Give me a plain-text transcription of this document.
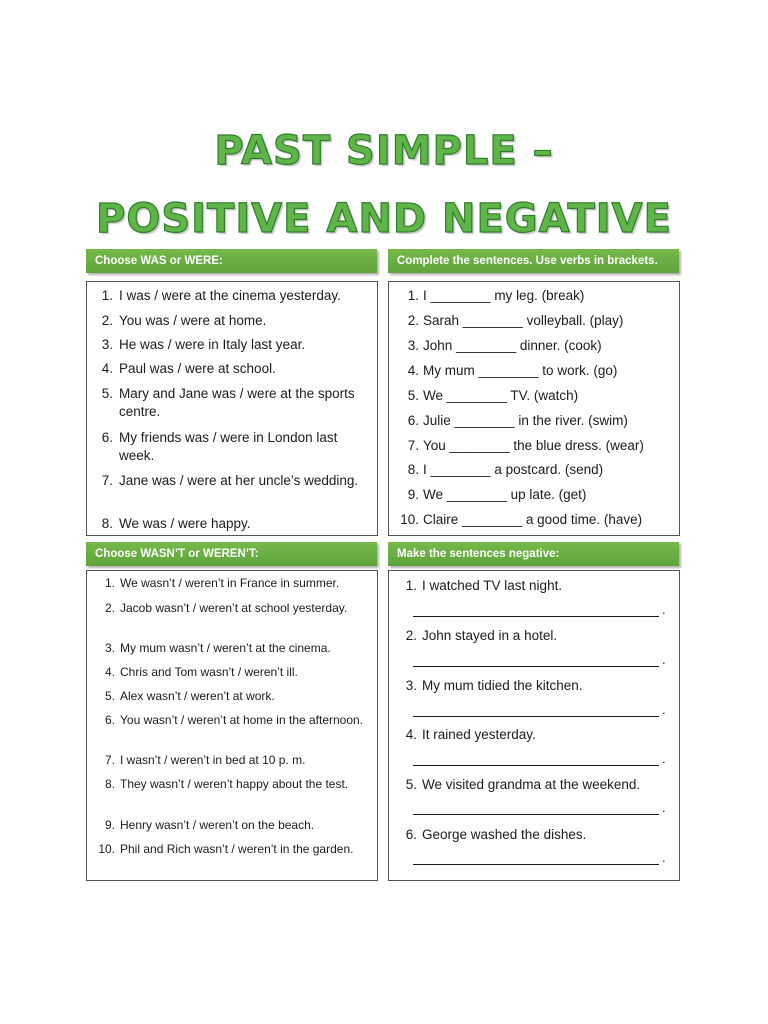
PAST SIMPLE –
POSITIVE AND NEGATIVE
Choose WAS or WERE:
1. I was / were at the cinema yesterday.
2. You was / were at home.
3. He was / were in Italy last year.
4. Paul was / were at school.
5. Mary and Jane was / were at the sports centre.
6. My friends was / were in London last week.
7. Jane was / were at her uncle’s wedding.
8. We was / were happy.
Complete the sentences. Use verbs in brackets.
1. I ________ my leg. (break)
2. Sarah ________ volleyball. (play)
3. John ________ dinner. (cook)
4. My mum ________ to work. (go)
5. We ________ TV. (watch)
6. Julie ________ in the river. (swim)
7. You ________ the blue dress. (wear)
8. I ________ a postcard. (send)
9. We ________ up late. (get)
10. Claire ________ a good time. (have)
Choose WASN’T or WEREN’T:
1. We wasn’t / weren’t in France in summer.
2. Jacob wasn’t / weren’t at school yesterday.
3. My mum wasn’t / weren’t at the cinema.
4. Chris and Tom wasn’t / weren’t ill.
5. Alex wasn’t / weren’t at work.
6. You wasn’t / weren’t at home in the afternoon.
7. I wasn’t / weren’t in bed at 10 p. m.
8. They wasn’t / weren’t happy about the test.
9. Henry wasn’t / weren’t on the beach.
10. Phil and Rich wasn’t / weren’t in the garden.
Make the sentences negative:
1. I watched TV last night.
.
2. John stayed in a hotel.
.
3. My mum tidied the kitchen.
.
4. It rained yesterday.
.
5. We visited grandma at the weekend.
.
6. George washed the dishes.
.
